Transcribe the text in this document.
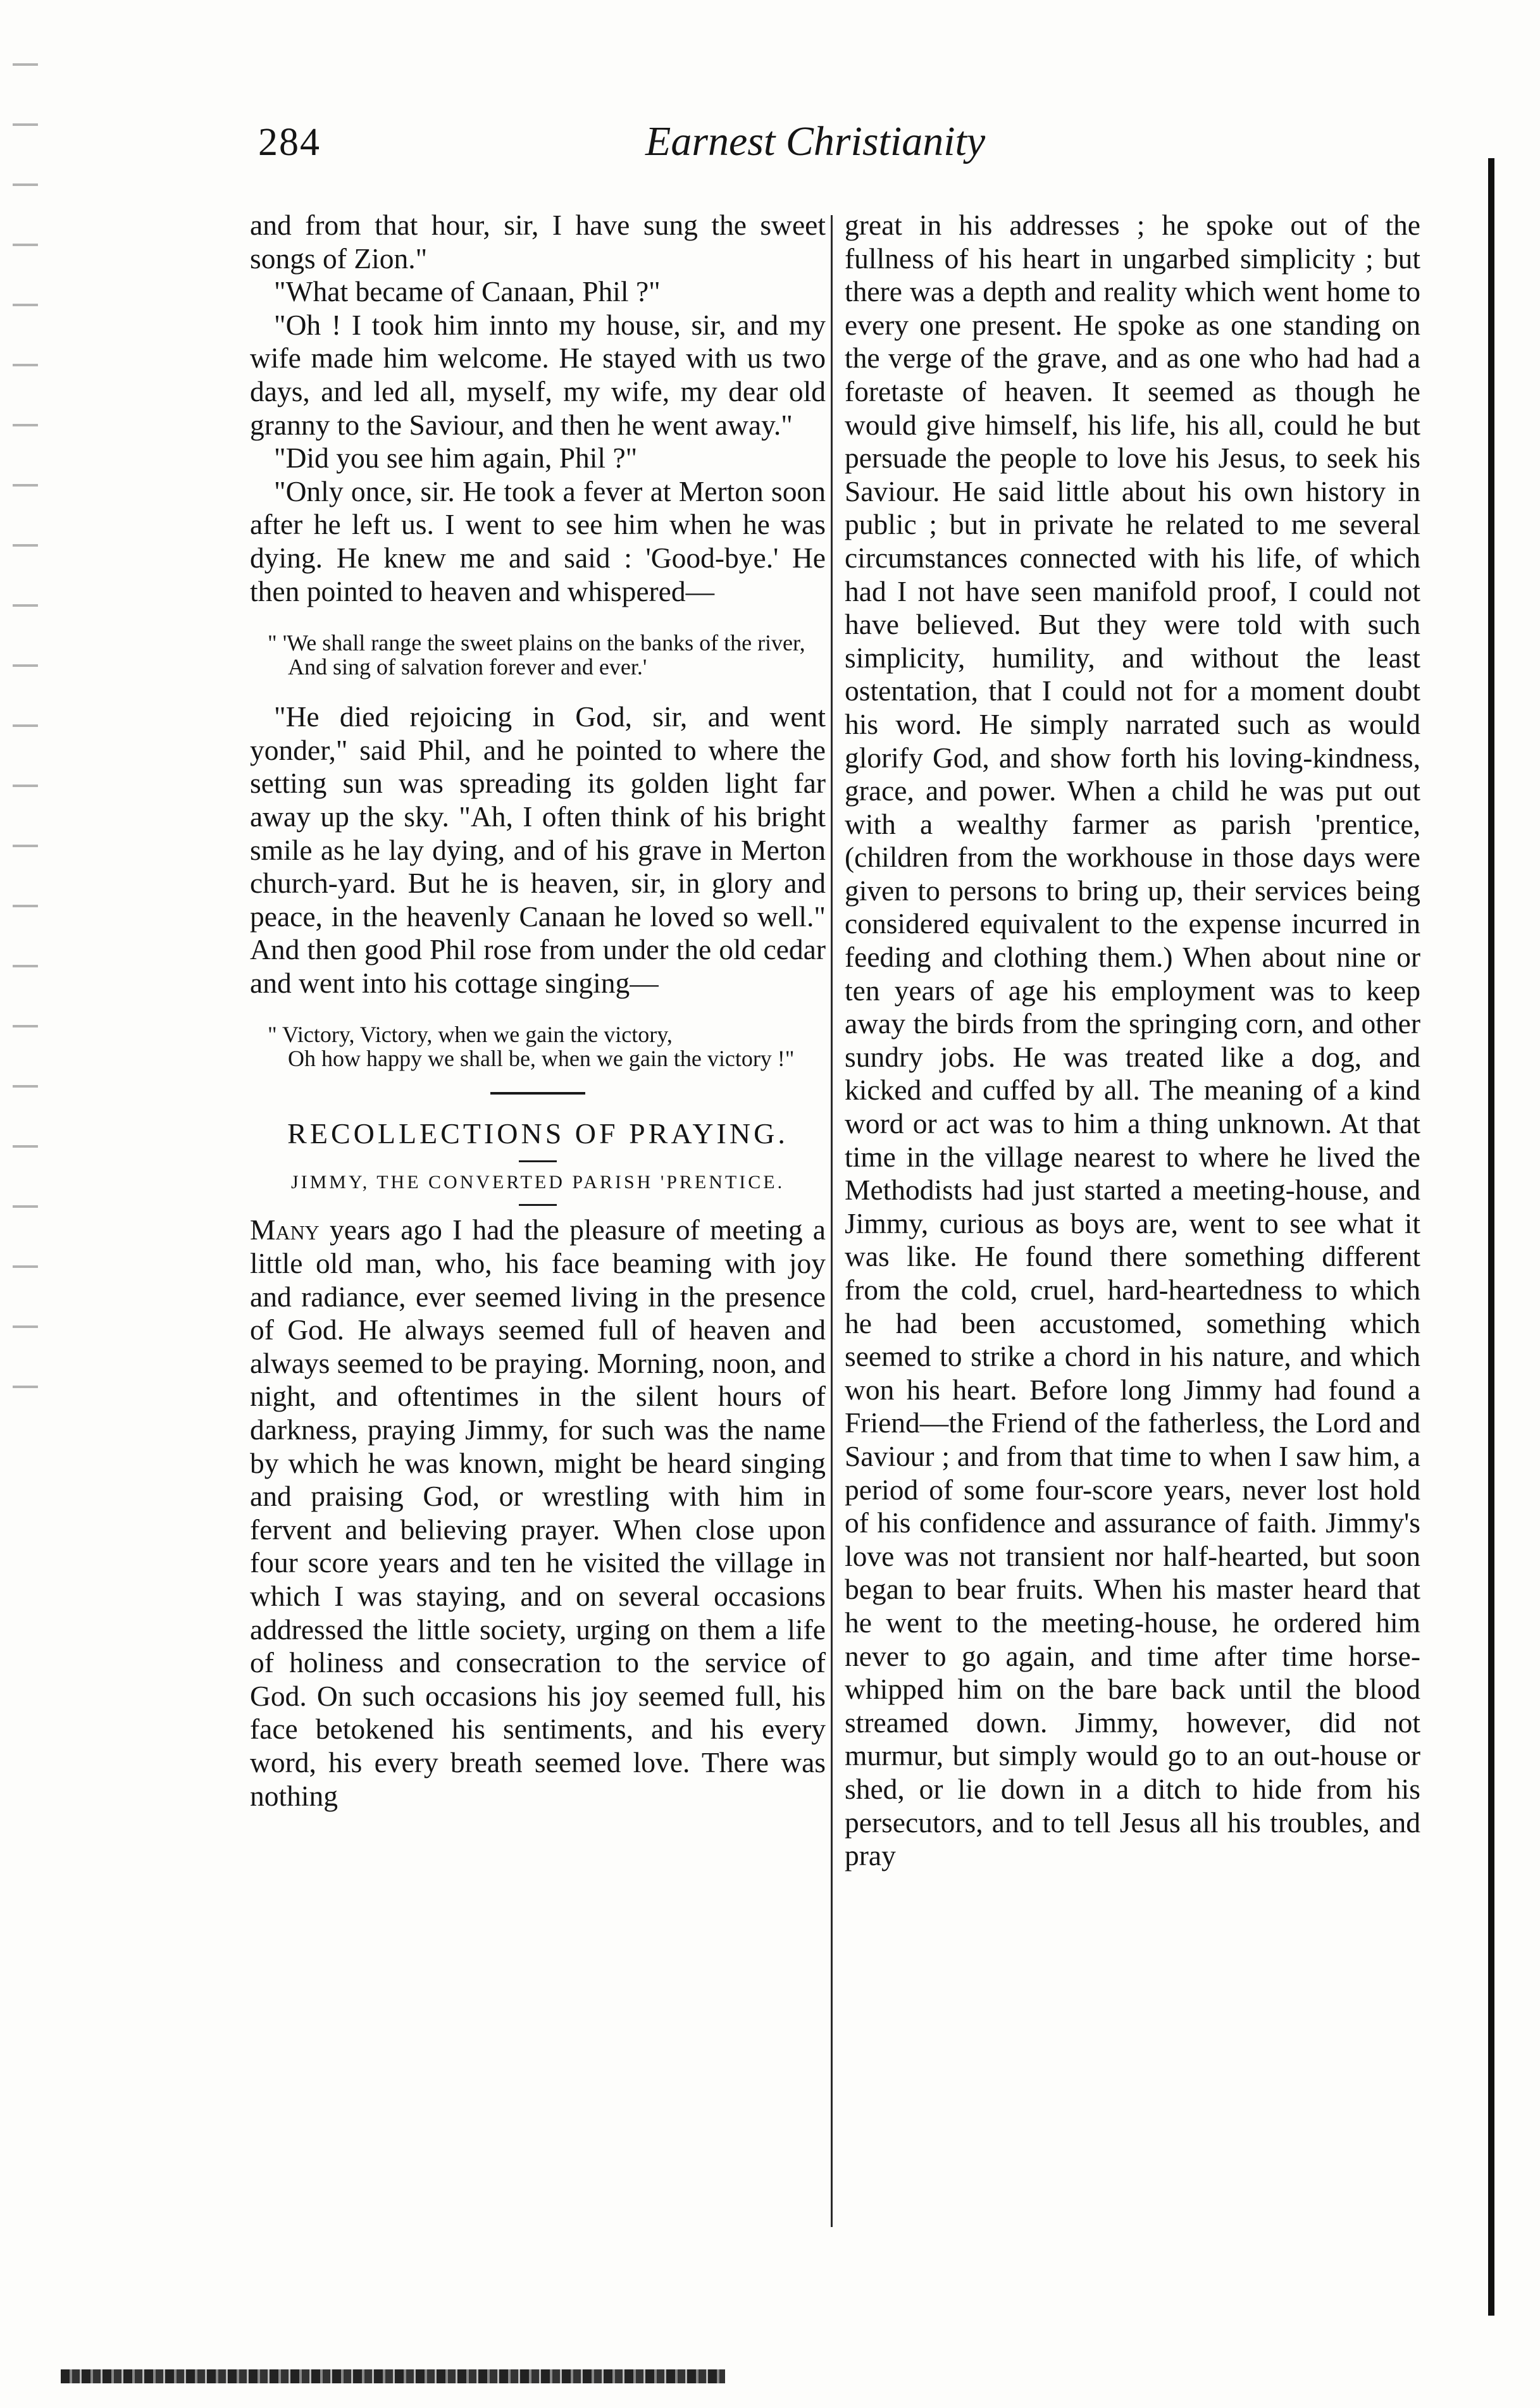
284	Earnest Christianity

and from that hour, sir, I have sung the sweet songs of Zion."

"What became of Canaan, Phil ?"

"Oh ! I took him innto my house, sir, and my wife made him welcome. He stayed with us two days, and led all, myself, my wife, my dear old granny to the Saviour, and then he went away."

"Did you see him again, Phil ?"

"Only once, sir. He took a fever at Merton soon after he left us. I went to see him when he was dying. He knew me and said : 'Good-bye.' He then pointed to heaven and whispered—

" 'We shall range the sweet plains on the banks of the river,
And sing of salvation forever and ever.'

"He died rejoicing in God, sir, and went yonder," said Phil, and he pointed to where the setting sun was spreading its golden light far away up the sky. "Ah, I often think of his bright smile as he lay dying, and of his grave in Merton church-yard. But he is heaven, sir, in glory and peace, in the heavenly Canaan he loved so well." And then good Phil rose from under the old cedar and went into his cottage singing—

" Victory, Victory, when we gain the victory,
Oh how happy we shall be, when we gain the victory !"
RECOLLECTIONS OF PRAYING.
JIMMY, THE CONVERTED PARISH 'PRENTICE.

Many years ago I had the pleasure of meeting a little old man, who, his face beaming with joy and radiance, ever seemed living in the presence of God. He always seemed full of heaven and always seemed to be praying. Morning, noon, and night, and oftentimes in the silent hours of darkness, praying Jimmy, for such was the name by which he was known, might be heard singing and praising God, or wrestling with him in fervent and believing prayer. When close upon four score years and ten he visited the village in which I was staying, and on several occasions addressed the little society, urging on them a life of holiness and consecration to the service of God. On such occasions his joy seemed full, his face betokened his sentiments, and his every word, his every breath seemed love. There was nothing

great in his addresses ; he spoke out of the fullness of his heart in ungarbed simplicity ; but there was a depth and reality which went home to every one present. He spoke as one standing on the verge of the grave, and as one who had had a foretaste of heaven. It seemed as though he would give himself, his life, his all, could he but persuade the people to love his Jesus, to seek his Saviour. He said little about his own history in public ; but in private he related to me several circumstances connected with his life, of which had I not have seen manifold proof, I could not have believed. But they were told with such simplicity, humility, and without the least ostentation, that I could not for a moment doubt his word. He simply narrated such as would glorify God, and show forth his loving-kindness, grace, and power. When a child he was put out with a wealthy farmer as parish 'prentice, (children from the workhouse in those days were given to persons to bring up, their services being considered equivalent to the expense incurred in feeding and clothing them.) When about nine or ten years of age his employment was to keep away the birds from the springing corn, and other sundry jobs. He was treated like a dog, and kicked and cuffed by all. The meaning of a kind word or act was to him a thing unknown. At that time in the village nearest to where he lived the Methodists had just started a meeting-house, and Jimmy, curious as boys are, went to see what it was like. He found there something different from the cold, cruel, hard-heartedness to which he had been accustomed, something which seemed to strike a chord in his nature, and which won his heart. Before long Jimmy had found a Friend—the Friend of the fatherless, the Lord and Saviour ; and from that time to when I saw him, a period of some four-score years, never lost hold of his confidence and assurance of faith. Jimmy's love was not transient nor half-hearted, but soon began to bear fruits. When his master heard that he went to the meeting-house, he ordered him never to go again, and time after time horse-whipped him on the bare back until the blood streamed down. Jimmy, however, did not murmur, but simply would go to an out-house or shed, or lie down in a ditch to hide from his persecutors, and to tell Jesus all his troubles, and pray
